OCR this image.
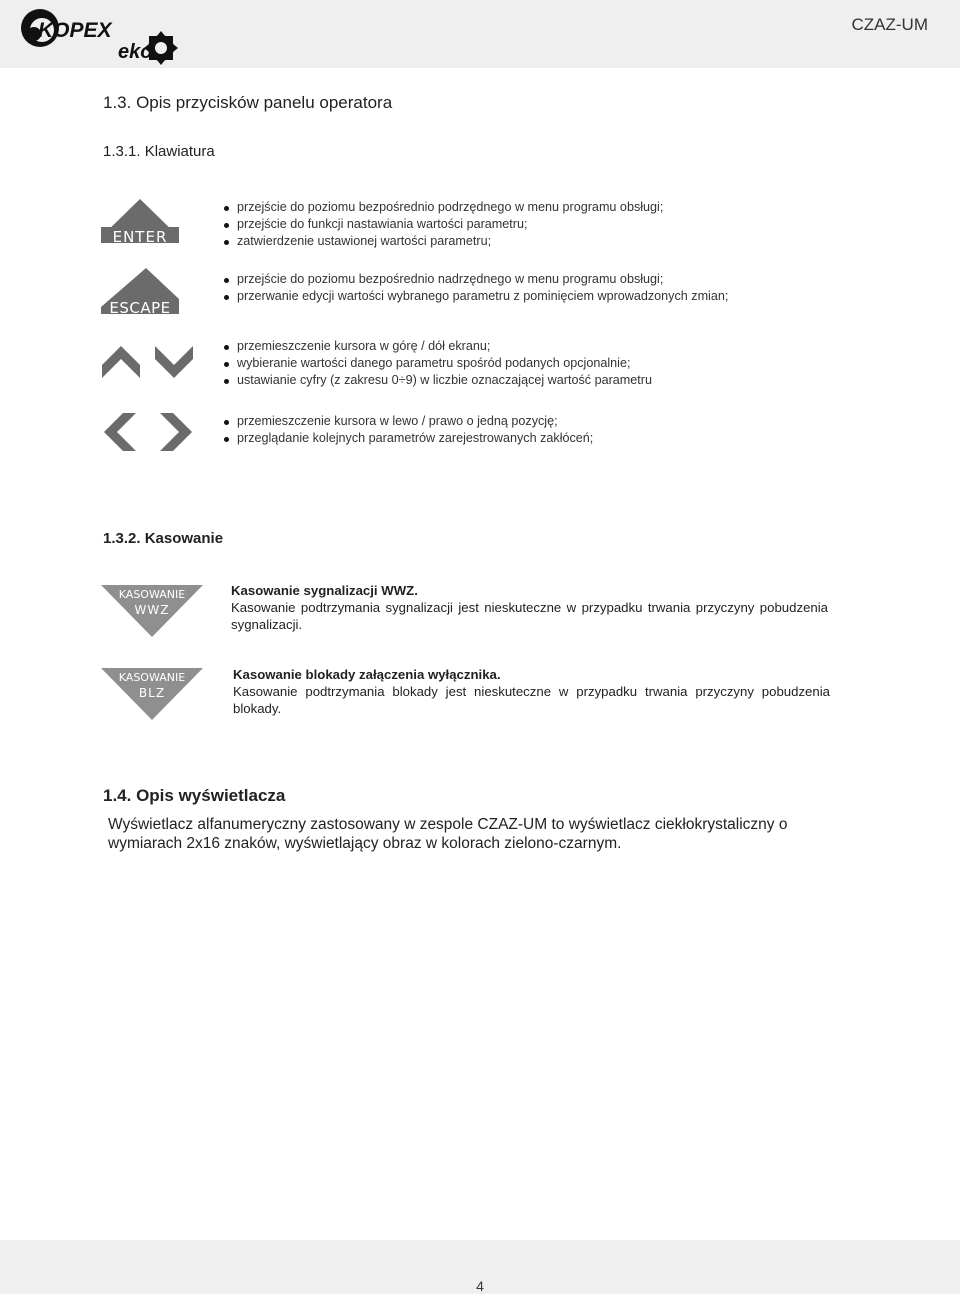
KOPEX
eko
CZAZ-UM
1.3. Opis przycisków panelu operatora
1.3.1. Klawiatura
ENTER
przejście do poziomu bezpośrednio podrzędnego w menu programu obsługi;
przejście do funkcji nastawiania wartości parametru;
zatwierdzenie ustawionej wartości parametru;
ESCAPE
przejście do poziomu bezpośrednio nadrzędnego w menu programu obsługi;
przerwanie edycji wartości wybranego parametru z pominięciem wprowadzonych zmian;
przemieszczenie kursora w górę / dół ekranu;
wybieranie wartości danego parametru spośród podanych opcjonalnie;
ustawianie cyfry (z zakresu 0÷9) w liczbie oznaczającej wartość parametru
przemieszczenie kursora w lewo / prawo o jedną pozycję;
przeglądanie kolejnych parametrów zarejestrowanych zakłóceń;
1.3.2. Kasowanie
KASOWANIE
WWZ
Kasowanie sygnalizacji WWZ.
Kasowanie podtrzymania sygnalizacji jest nieskuteczne w przypadku trwania przyczyny pobudzenia sygnalizacji.
KASOWANIE
BLZ
Kasowanie blokady załączenia wyłącznika.
Kasowanie podtrzymania blokady jest nieskuteczne w przypadku trwania przyczyny pobudzenia blokady.
1.4. Opis wyświetlacza

Wyświetlacz alfanumeryczny zastosowany w zespole CZAZ-UM to wyświetlacz ciekłokrystaliczny o wymiarach 2x16 znaków, wyświetlający obraz w kolorach zielono-czarnym.

4
